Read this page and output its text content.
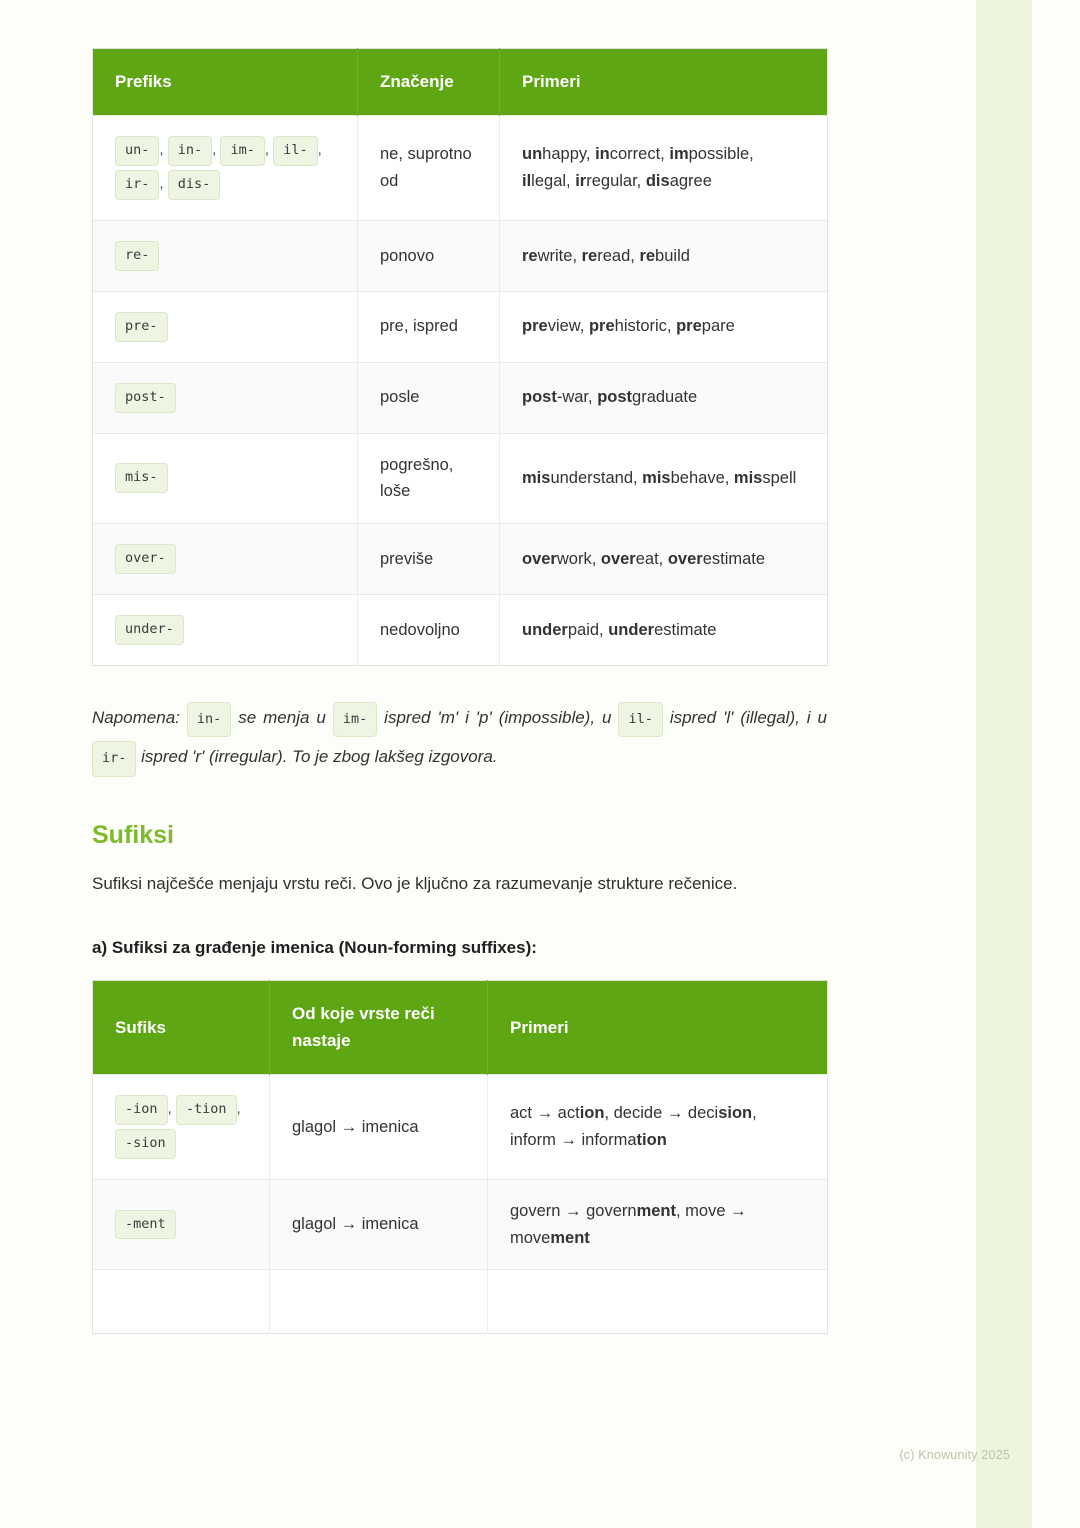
Prefiks	Značenje	Primeri
un- , in- , im- , il- , ir- , dis-	ne, suprotno od	unhappy, incorrect, impossible, illegal, irregular, disagree
re-	ponovo	rewrite, reread, rebuild
pre-	pre, ispred	preview, prehistoric, prepare
post-	posle	post-war, postgraduate
mis-	pogrešno, loše	misunderstand, misbehave, misspell
over-	previše	overwork, overeat, overestimate
under-	nedovoljno	underpaid, underestimate

Napomena: in- se menja u im- ispred 'm' i 'p' (impossible), u il- ispred 'l' (illegal), i u ir- ispred 'r' (irregular). To je zbog lakšeg izgovora.

Sufiksi

Sufiksi najčešće menjaju vrstu reči. Ovo je ključno za razumevanje strukture rečenice.

a) Sufiksi za građenje imenica (Noun-forming suffixes):

Sufiks	Od koje vrste reči nastaje	Primeri
-ion , -tion , -sion	glagol → imenica	act → action, decide → decision, inform → information
-ment	glagol → imenica	govern → government, move → movement

(c) Knowunity 2025
